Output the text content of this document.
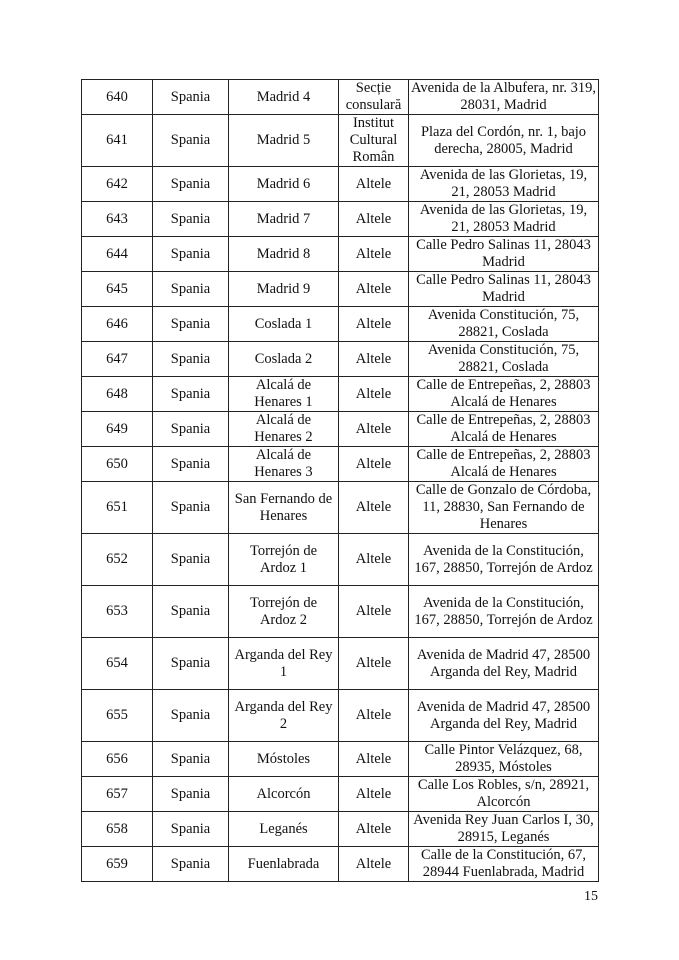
640	Spania	Madrid 4	Secție consulară	Avenida de la Albufera, nr. 319, 28031, Madrid
641	Spania	Madrid 5	Institut Cultural Român	Plaza del Cordón, nr. 1, bajo derecha, 28005, Madrid
642	Spania	Madrid 6	Altele	Avenida de las Glorietas, 19, 21, 28053 Madrid
643	Spania	Madrid 7	Altele	Avenida de las Glorietas, 19, 21, 28053 Madrid
644	Spania	Madrid 8	Altele	Calle Pedro Salinas 11, 28043 Madrid
645	Spania	Madrid 9	Altele	Calle Pedro Salinas 11, 28043 Madrid
646	Spania	Coslada 1	Altele	Avenida Constitución, 75, 28821, Coslada
647	Spania	Coslada 2	Altele	Avenida Constitución, 75, 28821, Coslada
648	Spania	Alcalá de Henares 1	Altele	Calle de Entrepeñas, 2, 28803 Alcalá de Henares
649	Spania	Alcalá de Henares 2	Altele	Calle de Entrepeñas, 2, 28803 Alcalá de Henares
650	Spania	Alcalá de Henares 3	Altele	Calle de Entrepeñas, 2, 28803 Alcalá de Henares
651	Spania	San Fernando de Henares	Altele	Calle de Gonzalo de Córdoba, 11, 28830, San Fernando de Henares
652	Spania	Torrejón de Ardoz 1	Altele	Avenida de la Constitución, 167, 28850, Torrejón de Ardoz
653	Spania	Torrejón de Ardoz 2	Altele	Avenida de la Constitución, 167, 28850, Torrejón de Ardoz
654	Spania	Arganda del Rey 1	Altele	Avenida de Madrid 47, 28500 Arganda del Rey, Madrid
655	Spania	Arganda del Rey 2	Altele	Avenida de Madrid 47, 28500 Arganda del Rey, Madrid
656	Spania	Móstoles	Altele	Calle Pintor Velázquez, 68, 28935, Móstoles
657	Spania	Alcorcón	Altele	Calle Los Robles, s/n, 28921, Alcorcón
658	Spania	Leganés	Altele	Avenida Rey Juan Carlos I, 30, 28915, Leganés
659	Spania	Fuenlabrada	Altele	Calle de la Constitución, 67, 28944 Fuenlabrada, Madrid
15
